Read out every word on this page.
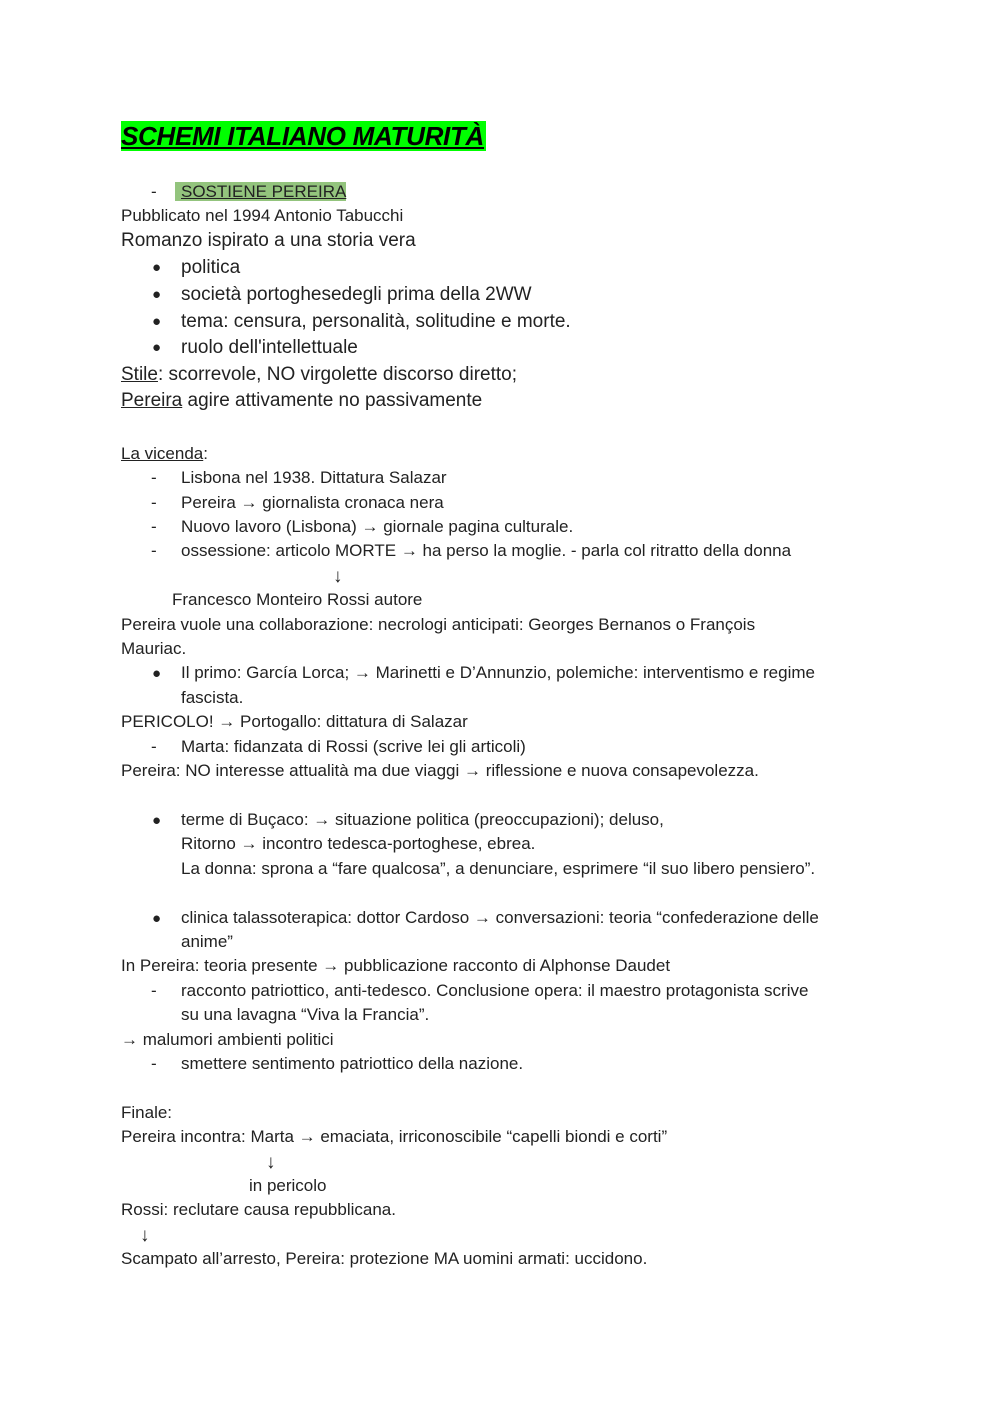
SCHEMI ITALIANO MATURITÀ
-	SOSTIENE PEREIRA
Pubblicato nel 1994 Antonio Tabucchi
Romanzo ispirato a una storia vera
● politica
● società portoghesedegli prima della 2WW
● tema: censura, personalità, solitudine e morte.
● ruolo dell'intellettuale
Stile: scorrevole, NO virgolette discorso diretto;
Pereira agire attivamente no passivamente
La vicenda:
- Lisbona nel 1938. Dittatura Salazar
- Pereira → giornalista cronaca nera
- Nuovo lavoro (Lisbona) → giornale pagina culturale.
- ossessione: articolo MORTE → ha perso la moglie. - parla col ritratto della donna
↓
Francesco Monteiro Rossi autore
Pereira vuole una collaborazione: necrologi anticipati: Georges Bernanos o François
Mauriac.
● Il primo: García Lorca; → Marinetti e D’Annunzio, polemiche: interventismo e regime
fascista.
PERICOLO! → Portogallo: dittatura di Salazar
- Marta: fidanzata di Rossi (scrive lei gli articoli)
Pereira: NO interesse attualità ma due viaggi → riflessione e nuova consapevolezza.
● terme di Buçaco: → situazione politica (preoccupazioni); deluso,
Ritorno → incontro tedesca-portoghese, ebrea.
La donna: sprona a “fare qualcosa”, a denunciare, esprimere “il suo libero pensiero”.
● clinica talassoterapica: dottor Cardoso → conversazioni: teoria “confederazione delle
anime”
In Pereira: teoria presente → pubblicazione racconto di Alphonse Daudet
- racconto patriottico, anti-tedesco. Conclusione opera: il maestro protagonista scrive
su una lavagna “Viva la Francia”.
→ malumori ambienti politici
- smettere sentimento patriottico della nazione.
Finale:
Pereira incontra: Marta → emaciata, irriconoscibile “capelli biondi e corti”
↓
in pericolo
Rossi: reclutare causa repubblicana.
↓
Scampato all’arresto, Pereira: protezione MA uomini armati: uccidono.
